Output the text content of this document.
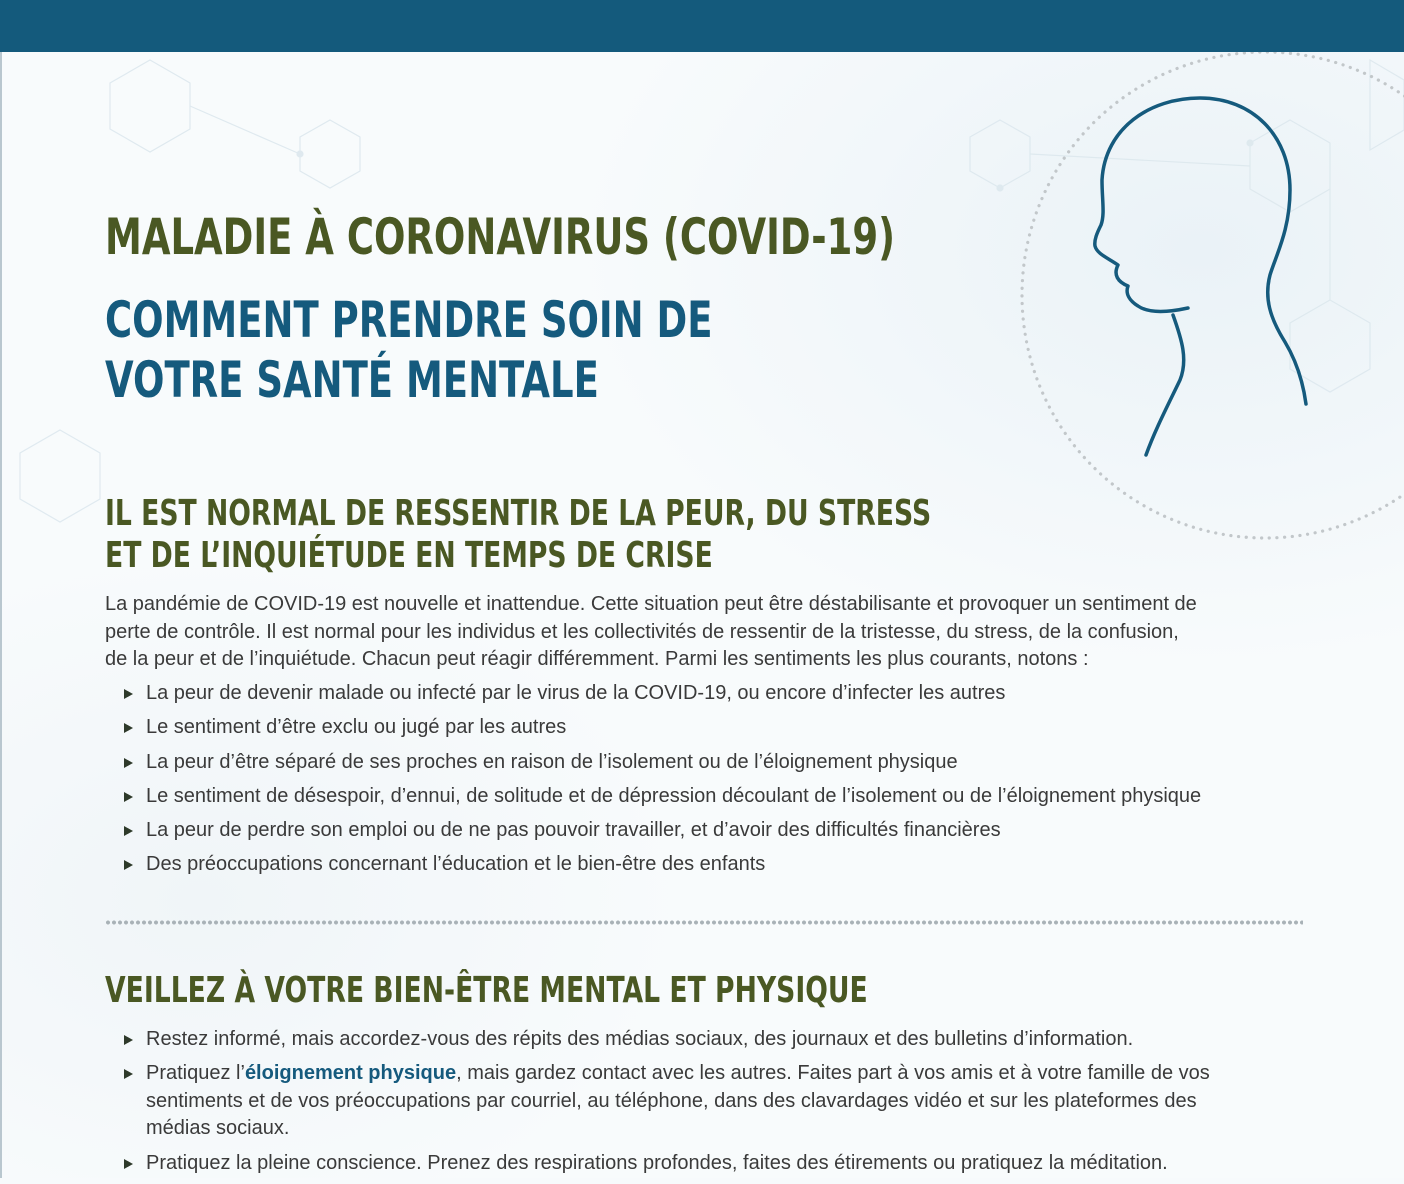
MALADIE À CORONAVIRUS (COVID-19)
COMMENT PRENDRE SOIN DE
VOTRE SANTÉ MENTALE
IL EST NORMAL DE RESSENTIR DE LA PEUR, DU STRESS
ET DE L’INQUIÉTUDE EN TEMPS DE CRISE

La pandémie de COVID-19 est nouvelle et inattendue. Cette situation peut être déstabilisante et provoquer un sentiment de
perte de contrôle. Il est normal pour les individus et les collectivités de ressentir de la tristesse, du stress, de la confusion,
de la peur et de l’inquiétude. Chacun peut réagir différemment. Parmi les sentiments les plus courants, notons :

La peur de devenir malade ou infecté par le virus de la COVID-19, ou encore d’infecter les autres
Le sentiment d’être exclu ou jugé par les autres
La peur d’être séparé de ses proches en raison de l’isolement ou de l’éloignement physique
Le sentiment de désespoir, d’ennui, de solitude et de dépression découlant de l’isolement ou de l’éloignement physique
La peur de perdre son emploi ou de ne pas pouvoir travailler, et d’avoir des difficultés financières
Des préoccupations concernant l’éducation et le bien-être des enfants
VEILLEZ À VOTRE BIEN-ÊTRE MENTAL ET PHYSIQUE
Restez informé, mais accordez-vous des répits des médias sociaux, des journaux et des bulletins d’information.
Pratiquez l’éloignement physique, mais gardez contact avec les autres. Faites part à vos amis et à votre famille de vos
sentiments et de vos préoccupations par courriel, au téléphone, dans des clavardages vidéo et sur les plateformes des
médias sociaux.
Pratiquez la pleine conscience. Prenez des respirations profondes, faites des étirements ou pratiquez la méditation.
